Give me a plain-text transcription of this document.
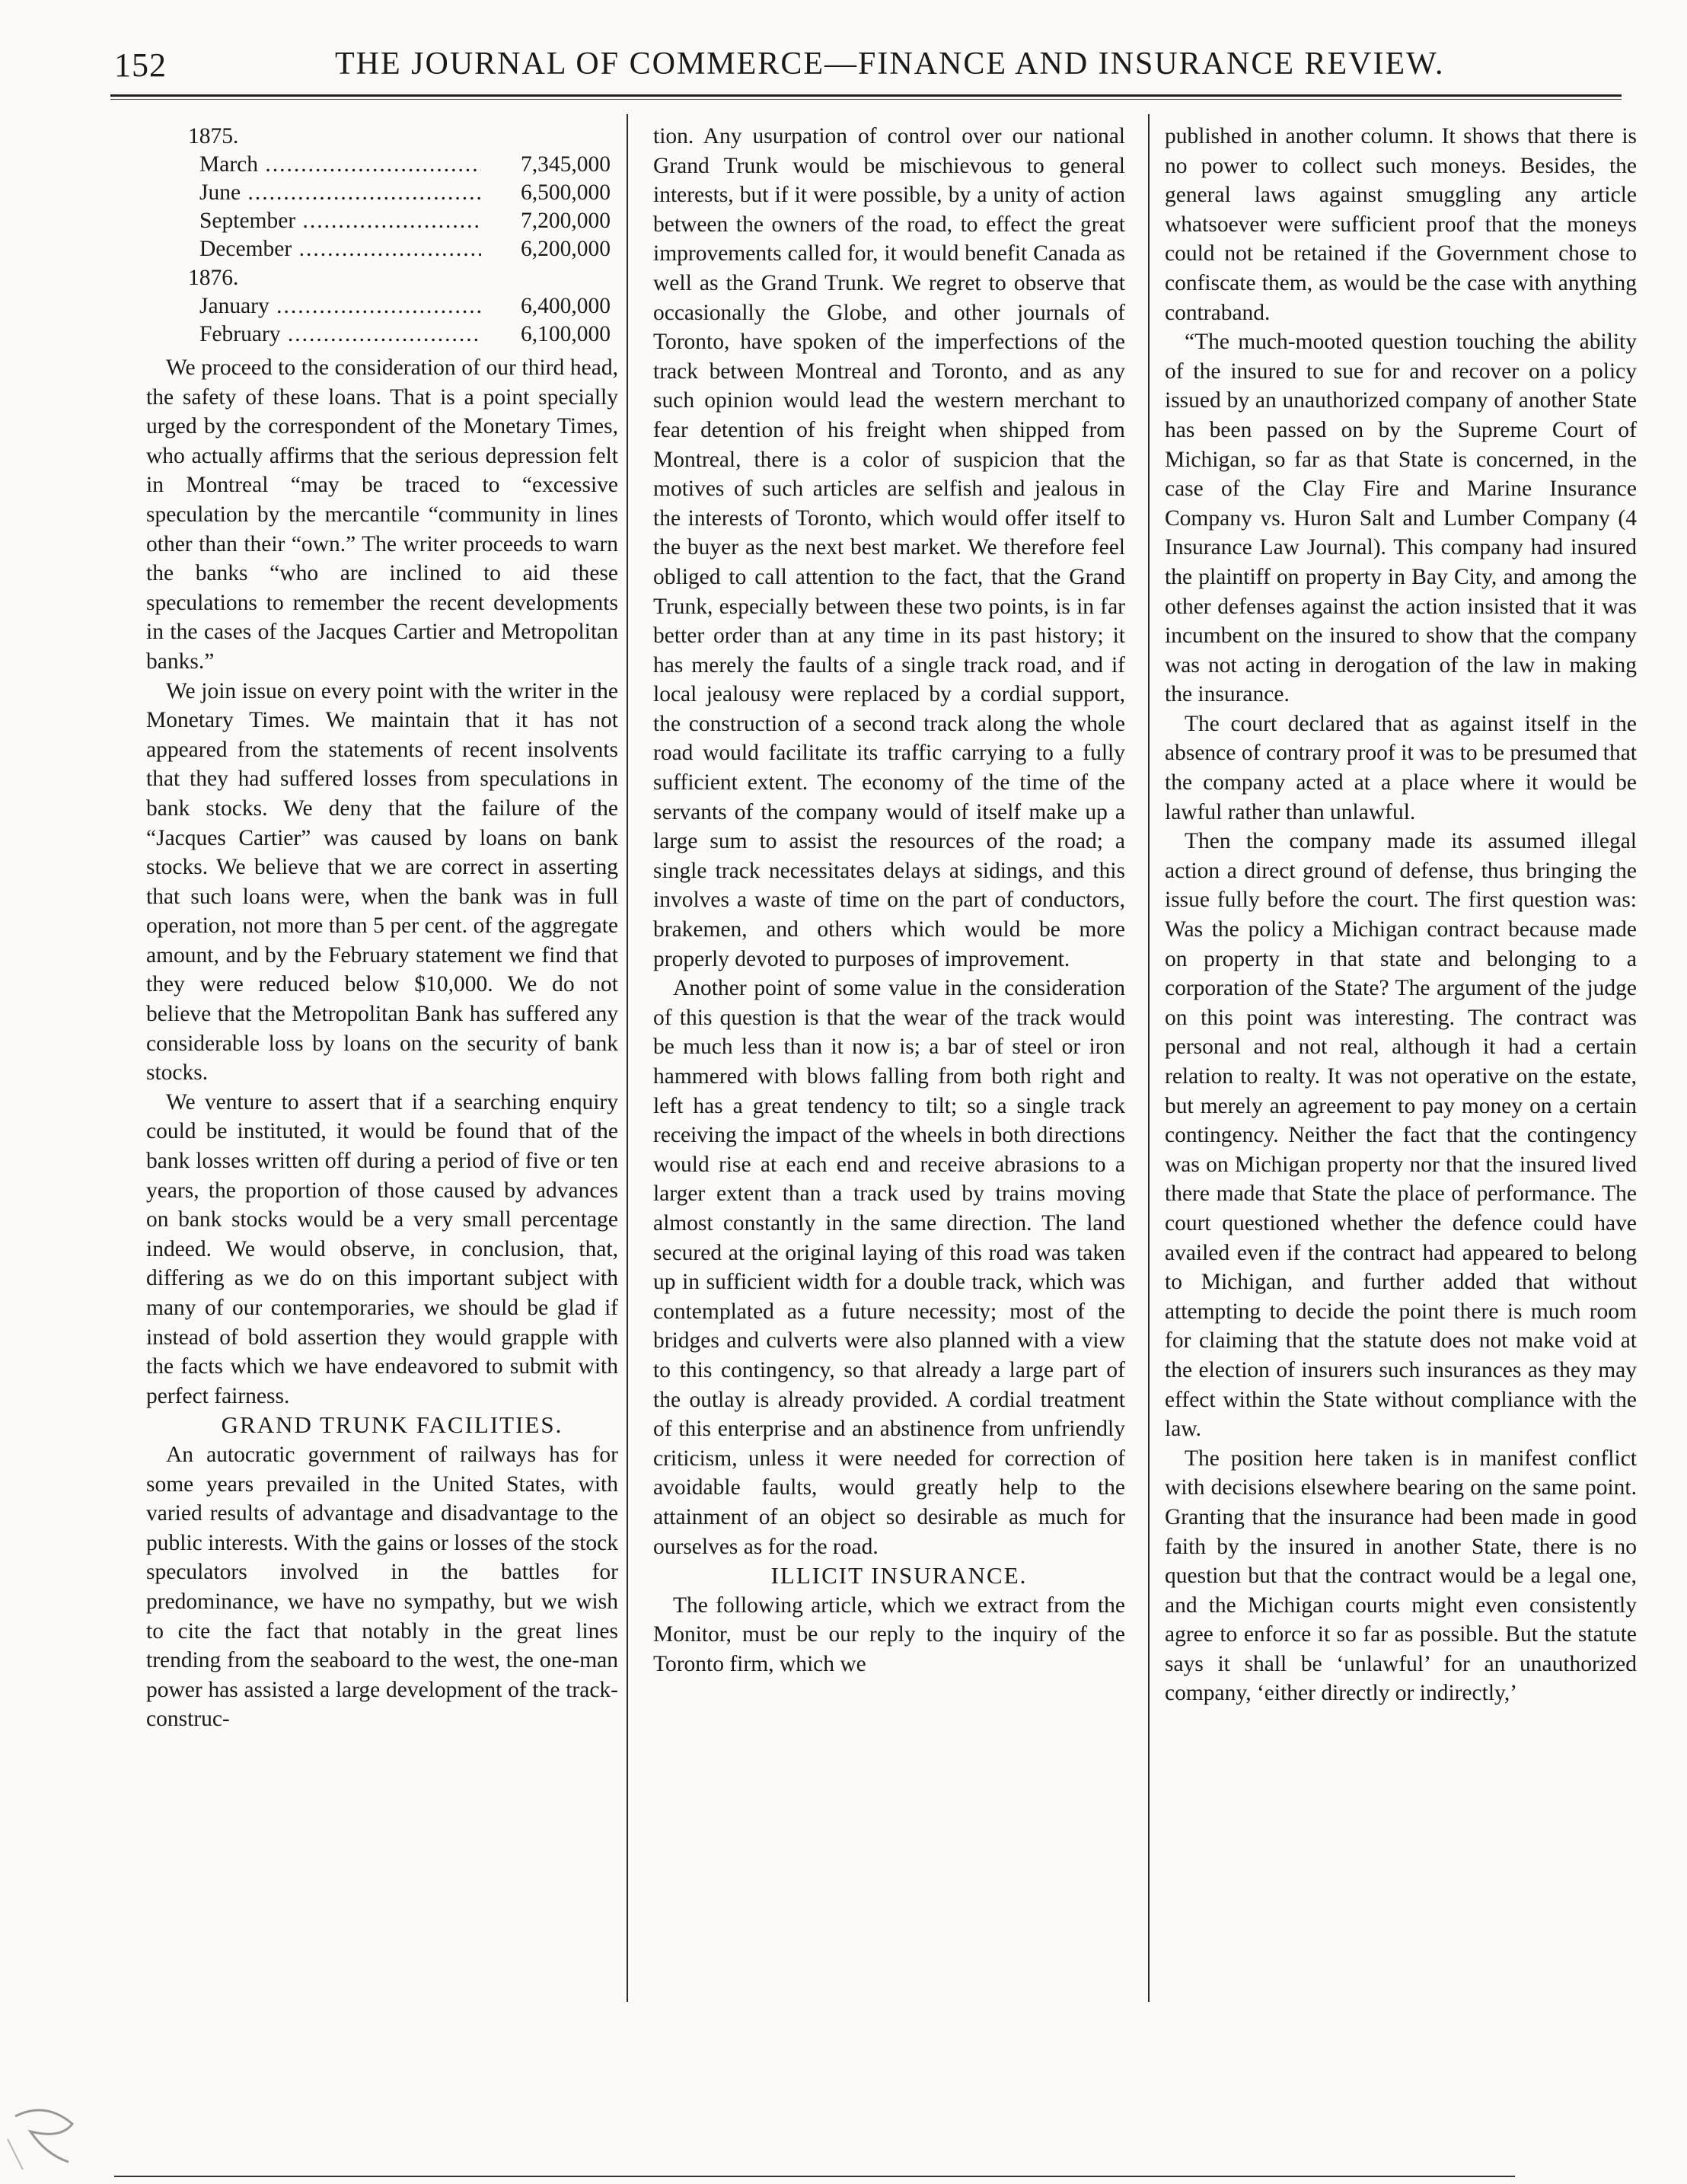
152	THE JOURNAL OF COMMERCE—FINANCE AND INSURANCE REVIEW.
1875.
March .....	7,345,000
June .....	6,500,000
September .....	7,200,000
December .....	6,200,000
1876.
January .....	6,400,000
February .....	6,100,000

We proceed to the consideration of our third head, the safety of these loans. That is a point specially urged by the correspondent of the Monetary Times, who actually affirms that the serious depression felt in Montreal “may be traced to “excessive speculation by the mercantile “community in lines other than their “own.” The writer proceeds to warn the banks “who are inclined to aid these speculations to remember the recent developments in the cases of the Jacques Cartier and Metropolitan banks.”

We join issue on every point with the writer in the Monetary Times. We maintain that it has not appeared from the statements of recent insolvents that they had suffered losses from speculations in bank stocks. We deny that the failure of the “Jacques Cartier” was caused by loans on bank stocks. We believe that we are correct in asserting that such loans were, when the bank was in full operation, not more than 5 per cent. of the aggregate amount, and by the February statement we find that they were reduced below $10,000. We do not believe that the Metropolitan Bank has suffered any considerable loss by loans on the security of bank stocks.

We venture to assert that if a searching enquiry could be instituted, it would be found that of the bank losses written off during a period of five or ten years, the proportion of those caused by advances on bank stocks would be a very small percentage indeed. We would observe, in conclusion, that, differing as we do on this important subject with many of our contemporaries, we should be glad if instead of bold assertion they would grapple with the facts which we have endeavored to submit with perfect fairness.

GRAND TRUNK FACILITIES.

An autocratic government of railways has for some years prevailed in the United States, with varied results of advantage and disadvantage to the public interests. With the gains or losses of the stock speculators involved in the battles for predominance, we have no sympathy, but we wish to cite the fact that notably in the great lines trending from the seaboard to the west, the one-man power has assisted a large development of the track-construc-

tion. Any usurpation of control over our national Grand Trunk would be mischievous to general interests, but if it were possible, by a unity of action between the owners of the road, to effect the great improvements called for, it would benefit Canada as well as the Grand Trunk. We regret to observe that occasionally the Globe, and other journals of Toronto, have spoken of the imperfections of the track between Montreal and Toronto, and as any such opinion would lead the western merchant to fear detention of his freight when shipped from Montreal, there is a color of suspicion that the motives of such articles are selfish and jealous in the interests of Toronto, which would offer itself to the buyer as the next best market. We therefore feel obliged to call attention to the fact, that the Grand Trunk, especially between these two points, is in far better order than at any time in its past history; it has merely the faults of a single track road, and if local jealousy were replaced by a cordial support, the construction of a second track along the whole road would facilitate its traffic carrying to a fully sufficient extent. The economy of the time of the servants of the company would of itself make up a large sum to assist the resources of the road; a single track necessitates delays at sidings, and this involves a waste of time on the part of conductors, brakemen, and others which would be more properly devoted to purposes of improvement.

Another point of some value in the consideration of this question is that the wear of the track would be much less than it now is; a bar of steel or iron hammered with blows falling from both right and left has a great tendency to tilt; so a single track receiving the impact of the wheels in both directions would rise at each end and receive abrasions to a larger extent than a track used by trains moving almost constantly in the same direction. The land secured at the original laying of this road was taken up in sufficient width for a double track, which was contemplated as a future necessity; most of the bridges and culverts were also planned with a view to this contingency, so that already a large part of the outlay is already provided. A cordial treatment of this enterprise and an abstinence from unfriendly criticism, unless it were needed for correction of avoidable faults, would greatly help to the attainment of an object so desirable as much for ourselves as for the road.

ILLICIT INSURANCE.

The following article, which we extract from the Monitor, must be our reply to the inquiry of the Toronto firm, which we

published in another column. It shows that there is no power to collect such moneys. Besides, the general laws against smuggling any article whatsoever were sufficient proof that the moneys could not be retained if the Government chose to confiscate them, as would be the case with anything contraband.

“The much-mooted question touching the ability of the insured to sue for and recover on a policy issued by an unauthorized company of another State has been passed on by the Supreme Court of Michigan, so far as that State is concerned, in the case of the Clay Fire and Marine Insurance Company vs. Huron Salt and Lumber Company (4 Insurance Law Journal). This company had insured the plaintiff on property in Bay City, and among the other defenses against the action insisted that it was incumbent on the insured to show that the company was not acting in derogation of the law in making the insurance.

The court declared that as against itself in the absence of contrary proof it was to be presumed that the company acted at a place where it would be lawful rather than unlawful.

Then the company made its assumed illegal action a direct ground of defense, thus bringing the issue fully before the court. The first question was: Was the policy a Michigan contract because made on property in that state and belonging to a corporation of the State? The argument of the judge on this point was interesting. The contract was personal and not real, although it had a certain relation to realty. It was not operative on the estate, but merely an agreement to pay money on a certain contingency. Neither the fact that the contingency was on Michigan property nor that the insured lived there made that State the place of performance. The court questioned whether the defence could have availed even if the contract had appeared to belong to Michigan, and further added that without attempting to decide the point there is much room for claiming that the statute does not make void at the election of insurers such insurances as they may effect within the State without compliance with the law.

The position here taken is in manifest conflict with decisions elsewhere bearing on the same point. Granting that the insurance had been made in good faith by the insured in another State, there is no question but that the contract would be a legal one, and the Michigan courts might even consistently agree to enforce it so far as possible. But the statute says it shall be ‘unlawful’ for an unauthorized company, ‘either directly or indirectly,’
